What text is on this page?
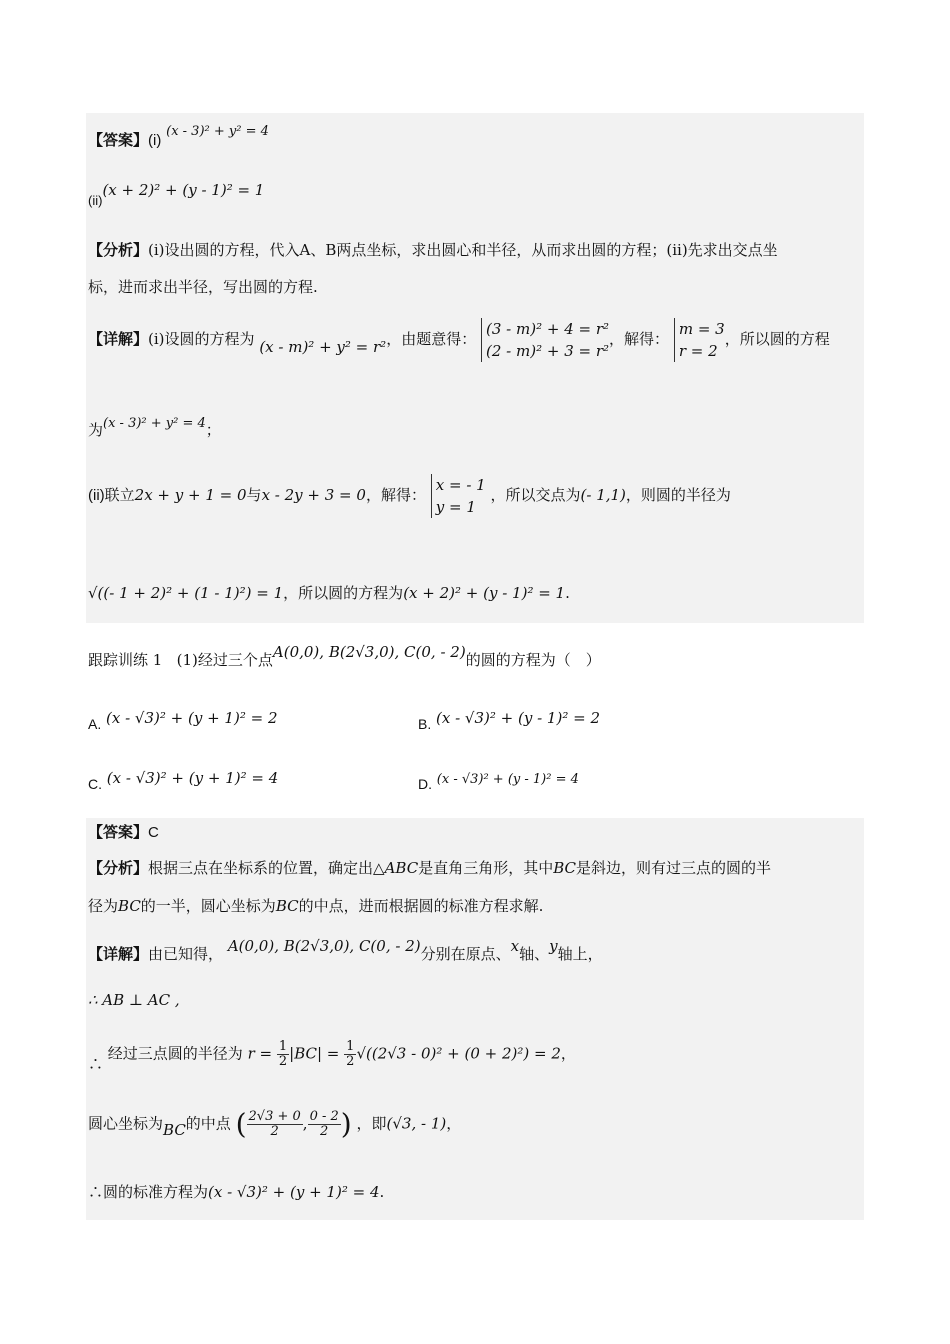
【答案】(i) (x - 3)² + y² = 4
(ii)(x + 2)² + (y - 1)² = 1
【分析】(i)设出圆的方程，代入A、B两点坐标，求出圆心和半径，从而求出圆的方程；(ii)先求出交点坐
标，进而求出半径，写出圆的方程.
【详解】(i)设圆的方程为 (x - m)² + y² = r²，由题意得：
(3 - m)² + 4 = r²
(2 - m)² + 3 = r²
，解得：
m = 3
r = 2
，所以圆的方程
为(x - 3)² + y² = 4；
(ii)联立2x + y + 1 = 0与x - 2y + 3 = 0，解得：
x = - 1
y = 1
，所以交点为(- 1,1)，则圆的半径为
√((- 1 + 2)² + (1 - 1)²) = 1，所以圆的方程为(x + 2)² + (y - 1)² = 1.
跟踪训练 1 (1)经过三个点A(0,0), B(2√3,0), C(0, - 2)的圆的方程为（　）
A. (x - √3)² + (y + 1)² = 2	B. (x - √3)² + (y - 1)² = 2
C. (x - √3)² + (y + 1)² = 4	D. (x - √3)² + (y - 1)² = 4
【答案】C
【分析】根据三点在坐标系的位置，确定出△ABC是直角三角形，其中BC是斜边，则有过三点的圆的半
径为BC的一半，圆心坐标为BC的中点，进而根据圆的标准方程求解.
【详解】由已知得， A(0,0), B(2√3,0), C(0, - 2)分别在原点、x轴、y轴上，
∴ AB ⊥ AC ,
∴ 经过三点圆的半径为 $r = \frac{1}{2} |BC| = \frac{1}{2} √((2√3 - 0)^2 + (0 + 2)^2) = 2$，
圆心坐标为BC的中点 ( $\frac{2√3 + 0}{2}$ , $\frac{0 - 2}{2}$ ) ，即(√3, - 1)，
∴圆的标准方程为(x - √3)² + (y + 1)² = 4.
